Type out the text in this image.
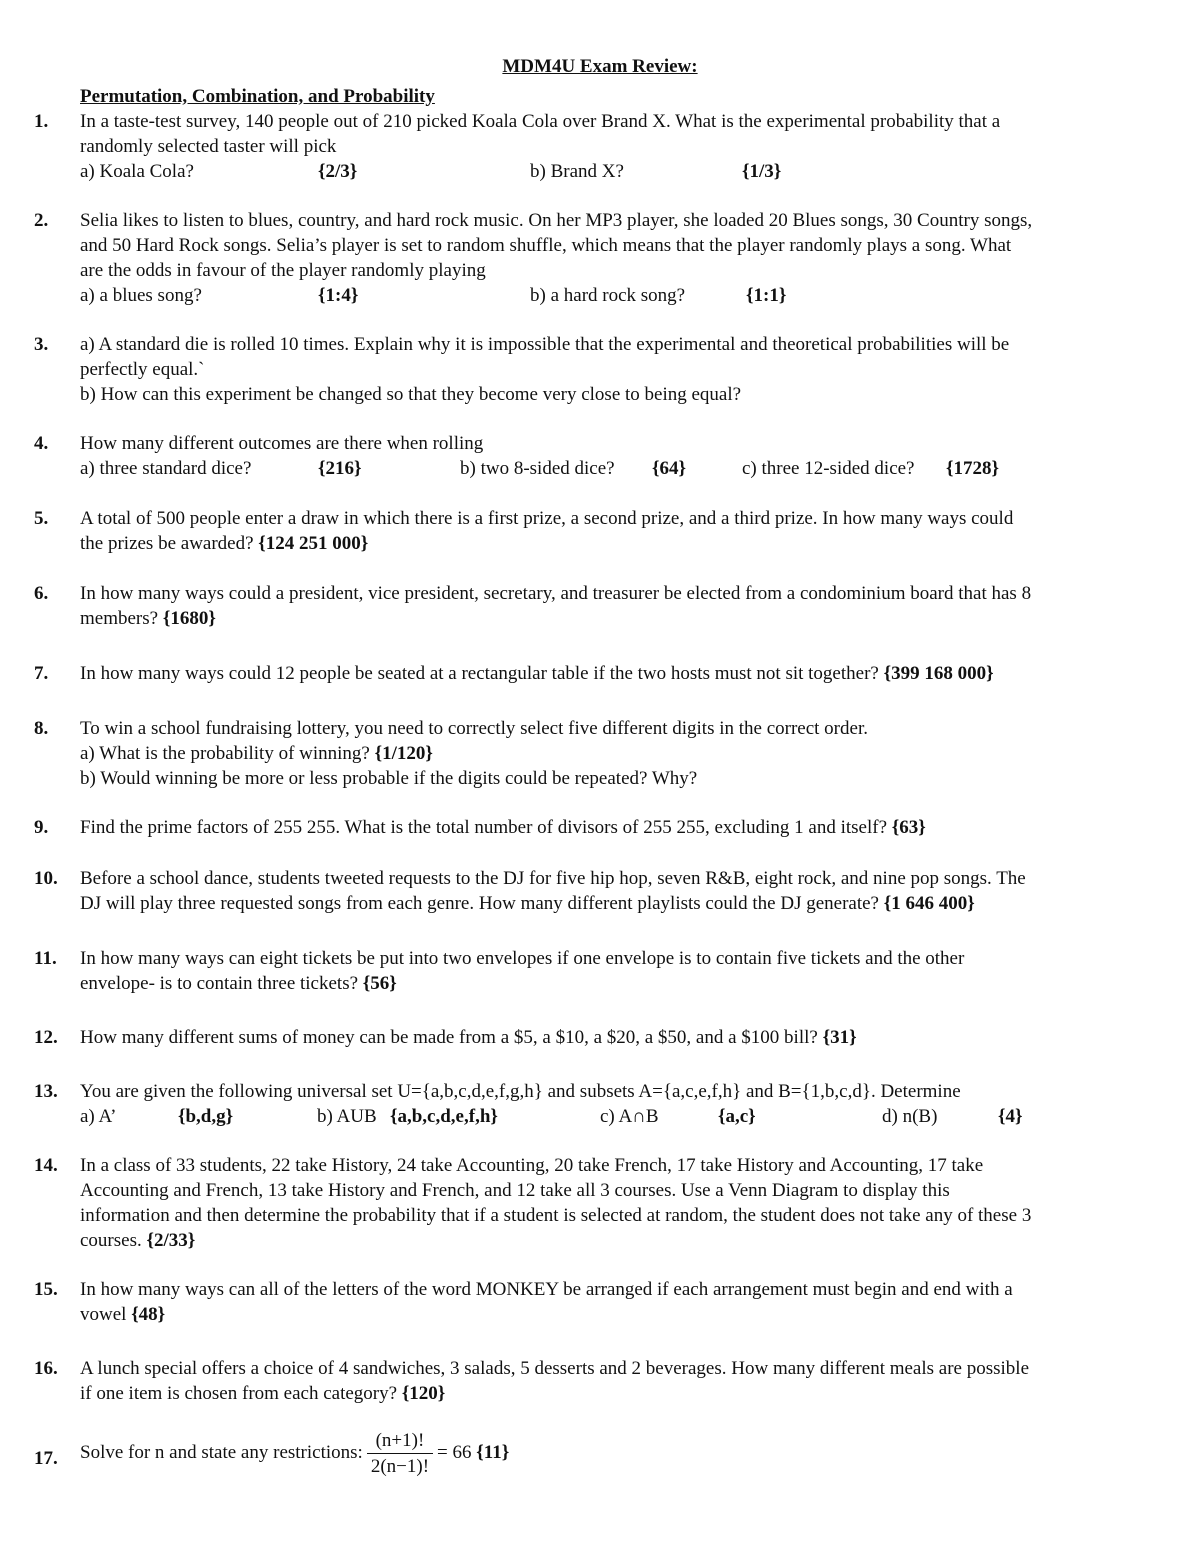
MDM4U Exam Review:
Permutation, Combination, and Probability
1. In a taste-test survey, 140 people out of 210 picked Koala Cola over Brand X. What is the experimental probability that a
randomly selected taster will pick
a) Koala Cola?	{2/3}	b) Brand X?	{1/3}
2. Selia likes to listen to blues, country, and hard rock music. On her MP3 player, she loaded 20 Blues songs, 30 Country songs,
and 50 Hard Rock songs. Selia’s player is set to random shuffle, which means that the player randomly plays a song. What
are the odds in favour of the player randomly playing
a) a blues song?	{1:4}	b) a hard rock song?	{1:1}
3. a) A standard die is rolled 10 times. Explain why it is impossible that the experimental and theoretical probabilities will be
perfectly equal.`
b) How can this experiment be changed so that they become very close to being equal?
4. How many different outcomes are there when rolling
a) three standard dice?	{216}	b) two 8-sided dice? {64}	c) three 12-sided dice? {1728}
5. A total of 500 people enter a draw in which there is a first prize, a second prize, and a third prize. In how many ways could
the prizes be awarded? {124 251 000}
6. In how many ways could a president, vice president, secretary, and treasurer be elected from a condominium board that has 8
members? {1680}
7. In how many ways could 12 people be seated at a rectangular table if the two hosts must not sit together? {399 168 000}
8. To win a school fundraising lottery, you need to correctly select five different digits in the correct order.
a) What is the probability of winning? {1/120}
b) Would winning be more or less probable if the digits could be repeated? Why?
9. Find the prime factors of 255 255. What is the total number of divisors of 255 255, excluding 1 and itself? {63}
10. Before a school dance, students tweeted requests to the DJ for five hip hop, seven R&B, eight rock, and nine pop songs. The
DJ will play three requested songs from each genre. How many different playlists could the DJ generate? {1 646 400}
11. In how many ways can eight tickets be put into two envelopes if one envelope is to contain five tickets and the other
envelope- is to contain three tickets? {56}
12. How many different sums of money can be made from a $5, a $10, a $20, a $50, and a $100 bill? {31}
13. You are given the following universal set U={a,b,c,d,e,f,g,h} and subsets A={a,c,e,f,h} and B={1,b,c,d}. Determine
a) A’	{b,d,g}	b) AUB {a,b,c,d,e,f,h}	c) A∩B	{a,c}	d) n(B)	{4}
14. In a class of 33 students, 22 take History, 24 take Accounting, 20 take French, 17 take History and Accounting, 17 take
Accounting and French, 13 take History and French, and 12 take all 3 courses. Use a Venn Diagram to display this
information and then determine the probability that if a student is selected at random, the student does not take any of these 3
courses. {2/33}
15. In how many ways can all of the letters of the word MONKEY be arranged if each arrangement must begin and end with a
vowel {48}
16. A lunch special offers a choice of 4 sandwiches, 3 salads, 5 desserts and 2 beverages. How many different meals are possible
if one item is chosen from each category? {120}
17. Solve for n and state any restrictions: $\frac{(n+1)!}{2(n-1)!} = 66$ {11}
